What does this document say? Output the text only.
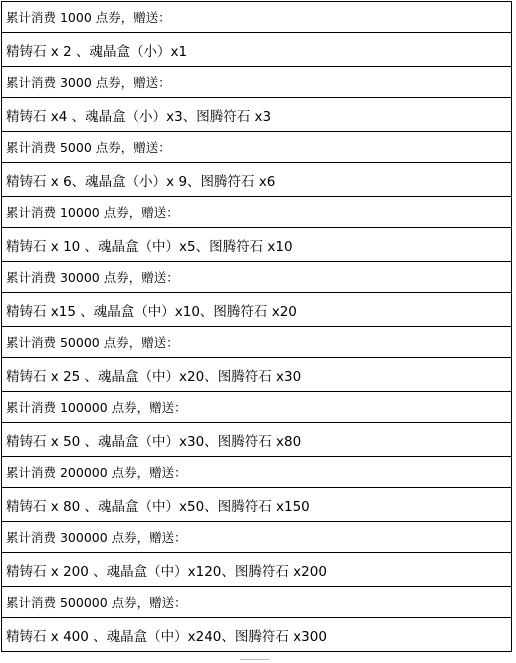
累计消费 1000 点券，赠送：
精铸石 x 2 、魂晶盒（小）x1
累计消费 3000 点券，赠送：
精铸石 x4 、魂晶盒（小）x3、图腾符石 x3
累计消费 5000 点券，赠送：
精铸石 x 6、魂晶盒（小）x 9、图腾符石 x6
累计消费 10000 点券，赠送：
精铸石 x 10 、魂晶盒（中）x5、图腾符石 x10
累计消费 30000 点券，赠送：
精铸石 x15 、魂晶盒（中）x10、图腾符石 x20
累计消费 50000 点券，赠送：
精铸石 x 25 、魂晶盒（中）x20、图腾符石 x30
累计消费 100000 点券，赠送：
精铸石 x 50 、魂晶盒（中）x30、图腾符石 x80
累计消费 200000 点券，赠送：
精铸石 x 80 、魂晶盒（中）x50、图腾符石 x150
累计消费 300000 点券，赠送：
精铸石 x 200 、魂晶盒（中）x120、图腾符石 x200
累计消费 500000 点券，赠送：
精铸石 x 400 、魂晶盒（中）x240、图腾符石 x300
